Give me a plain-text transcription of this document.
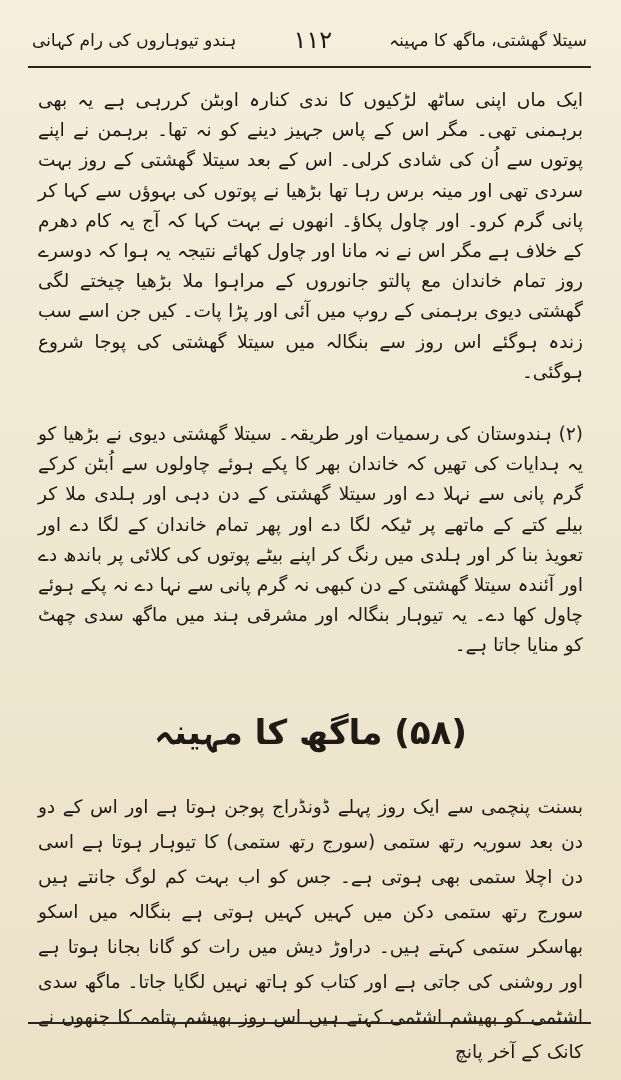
سیتلا گھشتی، ماگھ کا مہینہ
۱۱۲
ہندو تیوہاروں کی رام کہانی

ایک ماں اپنی ساٹھ لڑکیوں کا ندی کنارہ اوبٹن کررہی ہے یہ بھی برہمنی تھی۔ مگر اس کے پاس جہیز دینے کو نہ تھا۔ برہمن نے اپنے پوتوں سے اُن کی شادی کرلی۔ اس کے بعد سیتلا گھشتی کے روز بہت سردی تھی اور مینہ برس رہا تھا بڑھیا نے پوتوں کی بہوؤں سے کہا کر پانی گرم کرو۔ اور چاول پکاؤ۔ انھوں نے بہت کہا کہ آج یہ کام دھرم کے خلاف ہے مگر اس نے نہ مانا اور چاول کھائے نتیجہ یہ ہوا کہ دوسرے روز تمام خاندان مع پالتو جانوروں کے مراہوا ملا بڑھیا چیختے لگی گھشتی دیوی برہمنی کے روپ میں آئی اور پڑا پات۔ کیں جن اسے سب زندہ ہوگئے اس روز سے بنگالہ میں سیتلا گھشتی کی پوجا شروع ہوگئی۔

(۲) ہندوستان کی رسمیات اور طریقہ۔ سیتلا گھشتی دیوی نے بڑھیا کو یہ ہدایات کی تھیں کہ خاندان بھر کا پکے ہوئے چاولوں سے اُبٹن کرکے گرم پانی سے نہلا دے اور سیتلا گھشتی کے دن دہی اور ہلدی ملا کر بیلے کتے کے ماتھے پر ٹیکہ لگا دے اور پھر تمام خاندان کے لگا دے اور تعویذ بنا کر اور ہلدی میں رنگ کر اپنے بیٹے پوتوں کی کلائی پر باندھ دے اور آئندہ سیتلا گھشتی کے دن کبھی نہ گرم پانی سے نہا دے نہ پکے ہوئے چاول کھا دے۔ یہ تیوہار بنگالہ اور مشرقی ہند میں ماگھ سدی چھٹ کو منایا جاتا ہے۔

(۵۸) ماگھ کا مہینہ

بسنت پنچمی سے ایک روز پہلے ڈونڈراج پوجن ہوتا ہے اور اس کے دو دن بعد سوریہ رتھ ستمی (سورج رتھ ستمی) کا تیوہار ہوتا ہے اسی دن اچلا ستمی بھی ہوتی ہے۔ جس کو اب بہت کم لوگ جانتے ہیں سورج رتھ ستمی دکن میں کہیں کہیں ہوتی ہے بنگالہ میں اسکو بھاسکر ستمی کہتے ہیں۔ دراوڑ دیش میں رات کو گانا بجانا ہوتا ہے اور روشنی کی جاتی ہے اور کتاب کو ہاتھ نہیں لگایا جاتا۔ ماگھ سدی اشٹمی کو بھیشم اشٹمی کہتے ہیں اس روز بھیشم پتامہ کا جنھوں نے کانک کے آخر پانچ
